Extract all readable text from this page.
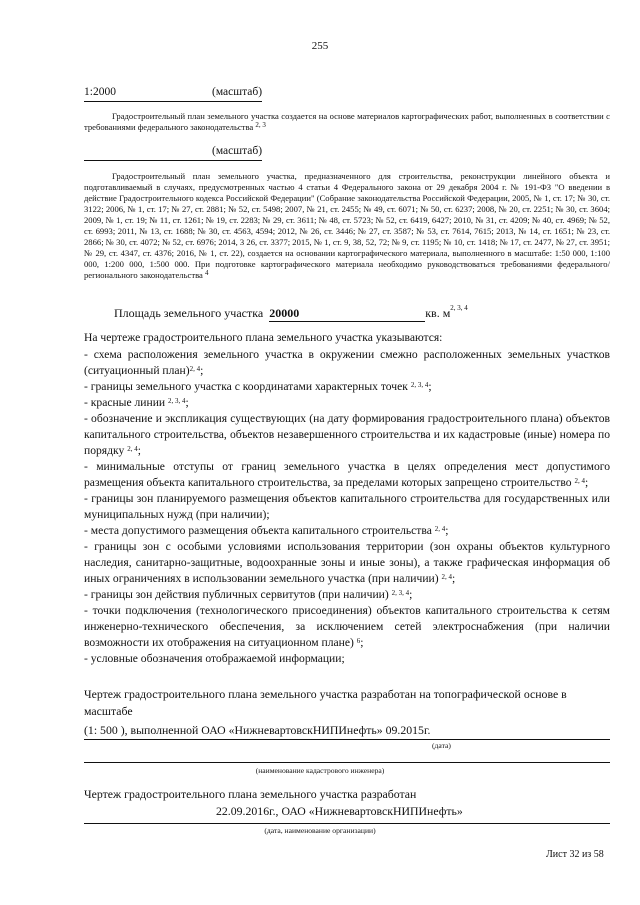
255
1:2000	(масштаб)
Градостроительный план земельного участка создается на основе материалов картографических работ, выполненных в соответствии с требованиями федерального законодательства $^{2, 3}$
(масштаб)
Градостроительный план земельного участка, предназначенного для строительства, реконструкции линейного объекта и подготавливаемый в случаях, предусмотренных частью 4 статьи 4 Федерального закона от 29 декабря 2004 г. № 191-ФЗ "О введении в действие Градостроительного кодекса Российской Федерации" (Собрание законодательства Российской Федерации, 2005, № 1, ст. 17; № 30, ст. 3122; 2006, № 1, ст. 17; № 27, ст. 2881; № 52, ст. 5498; 2007, № 21, ст. 2455; № 49, ст. 6071; № 50, ст. 6237; 2008, № 20, ст. 2251; № 30, ст. 3604; 2009, № 1, ст. 19; № 11, ст. 1261; № 19, ст. 2283; № 29, ст. 3611; № 48, ст. 5723; № 52, ст. 6419, 6427; 2010, № 31, ст. 4209; № 40, ст. 4969; № 52, ст. 6993; 2011, № 13, ст. 1688; № 30, ст. 4563, 4594; 2012, № 26, ст. 3446; № 27, ст. 3587; № 53, ст. 7614, 7615; 2013, № 14, ст. 1651; № 23, ст. 2866; № 30, ст. 4072; № 52, ст. 6976; 2014, 3 26, ст. 3377; 2015, № 1, ст. 9, 38, 52, 72; № 9, ст. 1195; № 10, ст. 1418; № 17, ст. 2477, № 27, ст. 3951; № 29, ст. 4347, ст. 4376; 2016, № 1, ст. 22), создается на основании картографического материала, выполненного в масштабе: 1:50 000, 1:100 000, 1:200 000, 1:500 000. При подготовке картографического материала необходимо руководствоваться требованиями федерального/регионального законодательства $^4$
Площадь земельного участка 20000	кв. $м^{2, 3, 4}$

На чертеже градостроительного плана земельного участка указываются:

- схема расположения земельного участка в окружении смежно расположенных земельных участков (ситуационный план)$^{2, 4}$;

- границы земельного участка с координатами характерных точек $^{2, 3, 4}$;

- красные линии $^{2, 3, 4}$;

- обозначение и экспликация существующих (на дату формирования градостроительного плана) объектов капитального строительства, объектов незавершенного строительства и их кадастровые (иные) номера по порядку $^{2, 4}$;

- минимальные отступы от границ земельного участка в целях определения мест допустимого размещения объекта капитального строительства, за пределами которых запрещено строительство $^{2, 4}$;

- границы зон планируемого размещения объектов капитального строительства для государственных или муниципальных нужд (при наличии);

- места допустимого размещения объекта капитального строительства $^{2, 4}$;

- границы зон с особыми условиями использования территории (зон охраны объектов культурного наследия, санитарно-защитные, водоохранные зоны и иные зоны), а также графическая информация об иных ограничениях в использовании земельного участка (при наличии) $^{2, 4}$;

- границы зон действия публичных сервитутов (при наличии) $^{2, 3, 4}$;

- точки подключения (технологического присоединения) объектов капитального строительства к сетям инженерно-технического обеспечения, за исключением сетей электроснабжения (при наличии возможности их отображения на ситуационном плане) $^6$;

- условные обозначения отображаемой информации;

Чертеж градостроительного плана земельного участка разработан на топографической основе в масштабе
(1: 500 ), выполненной ОАО «НижневартовскНИПИнефть» 09.2015г.
(дата)
(наименование кадастрового инженера)
Чертеж градостроительного плана земельного участка разработан
22.09.2016г., ОАО «НижневартовскНИПИнефть»
(дата, наименование организации)
Лист 32 из 58
